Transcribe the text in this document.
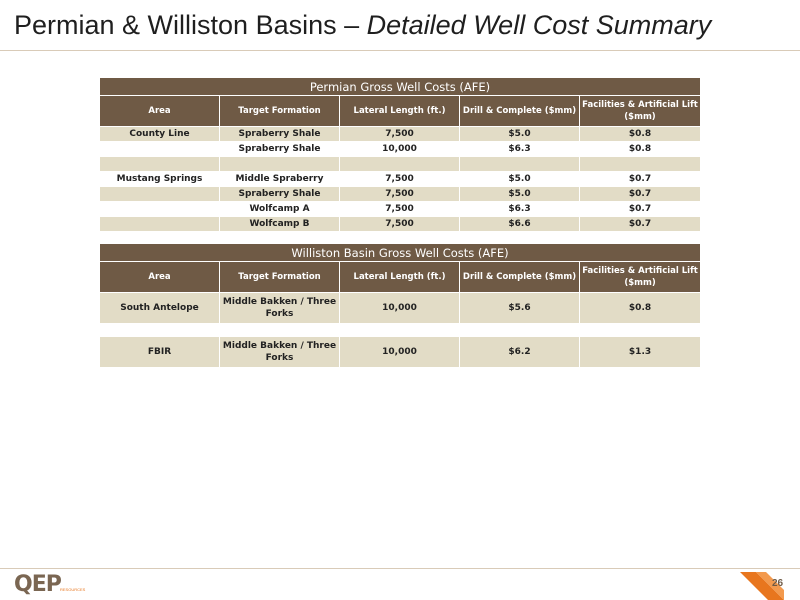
Permian & Williston Basins – Detailed Well Cost Summary
Permian Gross Well Costs (AFE)				
Area	Target Formation	Lateral Length (ft.)	Drill & Complete ($mm)	Facilities & Artificial Lift ($mm)
County Line	Spraberry Shale	7,500	$5.0	$0.8
	Spraberry Shale	10,000	$6.3	$0.8

Mustang Springs	Middle Spraberry	7,500	$5.0	$0.7
	Spraberry Shale	7,500	$5.0	$0.7
	Wolfcamp A	7,500	$6.3	$0.7
	Wolfcamp B	7,500	$6.6	$0.7
Williston Basin Gross Well Costs (AFE)				
Area	Target Formation	Lateral Length (ft.)	Drill & Complete ($mm)	Facilities & Artificial Lift ($mm)
South Antelope	Middle Bakken / Three Forks	10,000	$5.6	$0.8

FBIR	Middle Bakken / Three Forks	10,000	$6.2	$1.3
QEP RESOURCES
26
